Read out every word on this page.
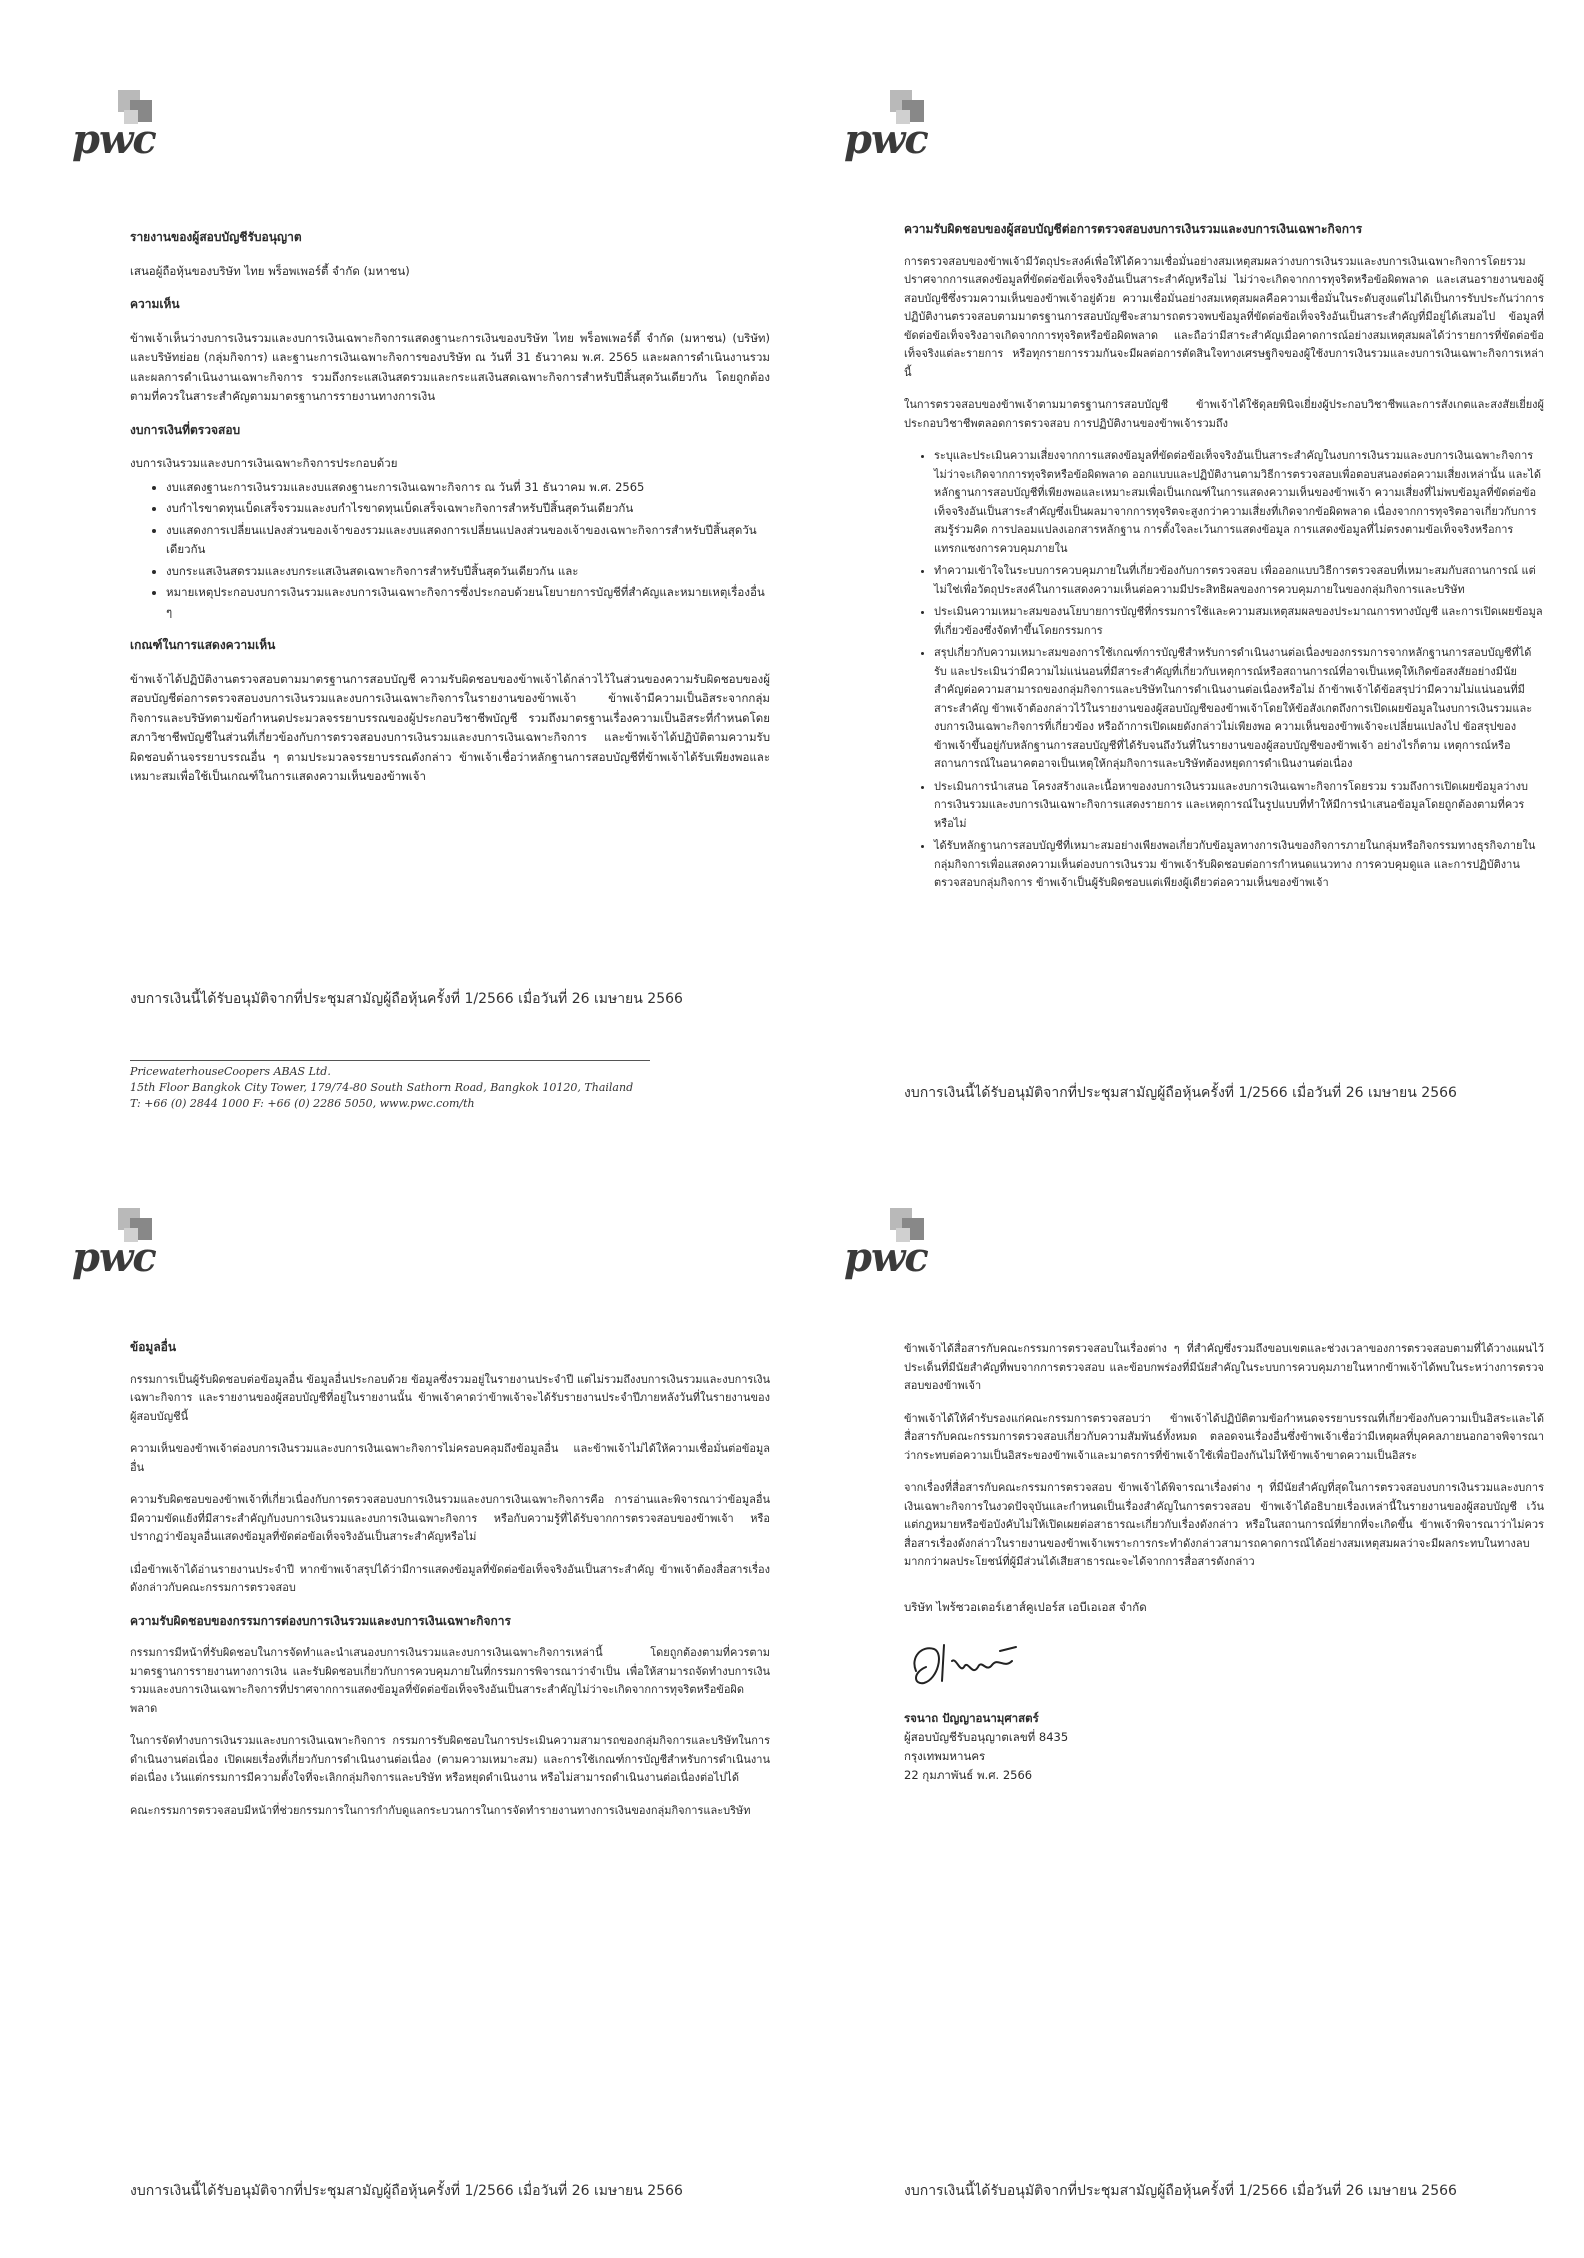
pwc
รายงานของผู้สอบบัญชีรับอนุญาต
เสนอผู้ถือหุ้นของบริษัท ไทย พร็อพเพอร์ตี้ จำกัด (มหาชน)
ความเห็น
ข้าพเจ้าเห็นว่างบการเงินรวมและงบการเงินเฉพาะกิจการแสดงฐานะการเงินของบริษัท ไทย พร็อพเพอร์ตี้ จำกัด (มหาชน) (บริษัท) และบริษัทย่อย (กลุ่มกิจการ) และฐานะการเงินเฉพาะกิจการของบริษัท ณ วันที่ 31 ธันวาคม พ.ศ. 2565 และผลการดำเนินงานรวมและผลการดำเนินงานเฉพาะกิจการ รวมถึงกระแสเงินสดรวมและกระแสเงินสดเฉพาะกิจการสำหรับปีสิ้นสุดวันเดียวกัน โดยถูกต้องตามที่ควรในสาระสำคัญตามมาตรฐานการรายงานทางการเงิน
งบการเงินที่ตรวจสอบ
งบการเงินรวมและงบการเงินเฉพาะกิจการประกอบด้วย
• งบแสดงฐานะการเงินรวมและงบแสดงฐานะการเงินเฉพาะกิจการ ณ วันที่ 31 ธันวาคม พ.ศ. 2565
• งบกำไรขาดทุนเบ็ดเสร็จรวมและงบกำไรขาดทุนเบ็ดเสร็จเฉพาะกิจการสำหรับปีสิ้นสุดวันเดียวกัน
• งบแสดงการเปลี่ยนแปลงส่วนของเจ้าของรวมและงบแสดงการเปลี่ยนแปลงส่วนของเจ้าของเฉพาะกิจการสำหรับปีสิ้นสุดวันเดียวกัน
• งบกระแสเงินสดรวมและงบกระแสเงินสดเฉพาะกิจการสำหรับปีสิ้นสุดวันเดียวกัน และ
• หมายเหตุประกอบงบการเงินรวมและงบการเงินเฉพาะกิจการซึ่งประกอบด้วยนโยบายการบัญชีที่สำคัญและหมายเหตุเรื่องอื่น ๆ
เกณฑ์ในการแสดงความเห็น
ข้าพเจ้าได้ปฏิบัติงานตรวจสอบตามมาตรฐานการสอบบัญชี ความรับผิดชอบของข้าพเจ้าได้กล่าวไว้ในส่วนของความรับผิดชอบของผู้สอบบัญชีต่อการตรวจสอบงบการเงินรวมและงบการเงินเฉพาะกิจการในรายงานของข้าพเจ้า ข้าพเจ้ามีความเป็นอิสระจากกลุ่มกิจการและบริษัทตามข้อกำหนดประมวลจรรยาบรรณของผู้ประกอบวิชาชีพบัญชี รวมถึงมาตรฐานเรื่องความเป็นอิสระที่กำหนดโดยสภาวิชาชีพบัญชีในส่วนที่เกี่ยวข้องกับการตรวจสอบงบการเงินรวมและงบการเงินเฉพาะกิจการ และข้าพเจ้าได้ปฏิบัติตามความรับผิดชอบด้านจรรยาบรรณอื่น ๆ ตามประมวลจรรยาบรรณดังกล่าว ข้าพเจ้าเชื่อว่าหลักฐานการสอบบัญชีที่ข้าพเจ้าได้รับเพียงพอและเหมาะสมเพื่อใช้เป็นเกณฑ์ในการแสดงความเห็นของข้าพเจ้า
งบการเงินนี้ได้รับอนุมัติจากที่ประชุมสามัญผู้ถือหุ้นครั้งที่ 1/2566 เมื่อวันที่ 26 เมษายน 2566
PricewaterhouseCoopers ABAS Ltd.
15th Floor Bangkok City Tower, 179/74-80 South Sathorn Road, Bangkok 10120, Thailand
T: +66 (0) 2844 1000 F: +66 (0) 2286 5050, www.pwc.com/th
pwc
ความรับผิดชอบของผู้สอบบัญชีต่อการตรวจสอบงบการเงินรวมและงบการเงินเฉพาะกิจการ
การตรวจสอบของข้าพเจ้ามีวัตถุประสงค์เพื่อให้ได้ความเชื่อมั่นอย่างสมเหตุสมผลว่างบการเงินรวมและงบการเงินเฉพาะกิจการโดยรวมปราศจากการแสดงข้อมูลที่ขัดต่อข้อเท็จจริงอันเป็นสาระสำคัญหรือไม่ ไม่ว่าจะเกิดจากการทุจริตหรือข้อผิดพลาด และเสนอรายงานของผู้สอบบัญชีซึ่งรวมความเห็นของข้าพเจ้าอยู่ด้วย ความเชื่อมั่นอย่างสมเหตุสมผลคือความเชื่อมั่นในระดับสูงแต่ไม่ได้เป็นการรับประกันว่าการปฏิบัติงานตรวจสอบตามมาตรฐานการสอบบัญชีจะสามารถตรวจพบข้อมูลที่ขัดต่อข้อเท็จจริงอันเป็นสาระสำคัญที่มีอยู่ได้เสมอไป ข้อมูลที่ขัดต่อข้อเท็จจริงอาจเกิดจากการทุจริตหรือข้อผิดพลาด และถือว่ามีสาระสำคัญเมื่อคาดการณ์อย่างสมเหตุสมผลได้ว่ารายการที่ขัดต่อข้อเท็จจริงแต่ละรายการ หรือทุกรายการรวมกันจะมีผลต่อการตัดสินใจทางเศรษฐกิจของผู้ใช้งบการเงินรวมและงบการเงินเฉพาะกิจการเหล่านี้
ในการตรวจสอบของข้าพเจ้าตามมาตรฐานการสอบบัญชี ข้าพเจ้าได้ใช้ดุลยพินิจเยี่ยงผู้ประกอบวิชาชีพและการสังเกตและสงสัยเยี่ยงผู้ประกอบวิชาชีพตลอดการตรวจสอบ การปฏิบัติงานของข้าพเจ้ารวมถึง
• ระบุและประเมินความเสี่ยงจากการแสดงข้อมูลที่ขัดต่อข้อเท็จจริงอันเป็นสาระสำคัญในงบการเงินรวมและงบการเงินเฉพาะกิจการไม่ว่าจะเกิดจากการทุจริตหรือข้อผิดพลาด ออกแบบและปฏิบัติงานตามวิธีการตรวจสอบเพื่อตอบสนองต่อความเสี่ยงเหล่านั้น และได้หลักฐานการสอบบัญชีที่เพียงพอและเหมาะสมเพื่อเป็นเกณฑ์ในการแสดงความเห็นของข้าพเจ้า ความเสี่ยงที่ไม่พบข้อมูลที่ขัดต่อข้อเท็จจริงอันเป็นสาระสำคัญซึ่งเป็นผลมาจากการทุจริตจะสูงกว่าความเสี่ยงที่เกิดจากข้อผิดพลาด เนื่องจากการทุจริตอาจเกี่ยวกับการสมรู้ร่วมคิด การปลอมแปลงเอกสารหลักฐาน การตั้งใจละเว้นการแสดงข้อมูล การแสดงข้อมูลที่ไม่ตรงตามข้อเท็จจริงหรือการแทรกแซงการควบคุมภายใน
• ทำความเข้าใจในระบบการควบคุมภายในที่เกี่ยวข้องกับการตรวจสอบ เพื่อออกแบบวิธีการตรวจสอบที่เหมาะสมกับสถานการณ์ แต่ไม่ใช่เพื่อวัตถุประสงค์ในการแสดงความเห็นต่อความมีประสิทธิผลของการควบคุมภายในของกลุ่มกิจการและบริษัท
• ประเมินความเหมาะสมของนโยบายการบัญชีที่กรรมการใช้และความสมเหตุสมผลของประมาณการทางบัญชี และการเปิดเผยข้อมูลที่เกี่ยวข้องซึ่งจัดทำขึ้นโดยกรรมการ
• สรุปเกี่ยวกับความเหมาะสมของการใช้เกณฑ์การบัญชีสำหรับการดำเนินงานต่อเนื่องของกรรมการจากหลักฐานการสอบบัญชีที่ได้รับ และประเมินว่ามีความไม่แน่นอนที่มีสาระสำคัญที่เกี่ยวกับเหตุการณ์หรือสถานการณ์ที่อาจเป็นเหตุให้เกิดข้อสงสัยอย่างมีนัยสำคัญต่อความสามารถของกลุ่มกิจการและบริษัทในการดำเนินงานต่อเนื่องหรือไม่ ถ้าข้าพเจ้าได้ข้อสรุปว่ามีความไม่แน่นอนที่มีสาระสำคัญ ข้าพเจ้าต้องกล่าวไว้ในรายงานของผู้สอบบัญชีของข้าพเจ้าโดยให้ข้อสังเกตถึงการเปิดเผยข้อมูลในงบการเงินรวมและงบการเงินเฉพาะกิจการที่เกี่ยวข้อง หรือถ้าการเปิดเผยดังกล่าวไม่เพียงพอ ความเห็นของข้าพเจ้าจะเปลี่ยนแปลงไป ข้อสรุปของข้าพเจ้าขึ้นอยู่กับหลักฐานการสอบบัญชีที่ได้รับจนถึงวันที่ในรายงานของผู้สอบบัญชีของข้าพเจ้า อย่างไรก็ตาม เหตุการณ์หรือสถานการณ์ในอนาคตอาจเป็นเหตุให้กลุ่มกิจการและบริษัทต้องหยุดการดำเนินงานต่อเนื่อง
• ประเมินการนำเสนอ โครงสร้างและเนื้อหาของงบการเงินรวมและงบการเงินเฉพาะกิจการโดยรวม รวมถึงการเปิดเผยข้อมูลว่างบการเงินรวมและงบการเงินเฉพาะกิจการแสดงรายการ และเหตุการณ์ในรูปแบบที่ทำให้มีการนำเสนอข้อมูลโดยถูกต้องตามที่ควรหรือไม่
• ได้รับหลักฐานการสอบบัญชีที่เหมาะสมอย่างเพียงพอเกี่ยวกับข้อมูลทางการเงินของกิจการภายในกลุ่มหรือกิจกรรมทางธุรกิจภายในกลุ่มกิจการเพื่อแสดงความเห็นต่องบการเงินรวม ข้าพเจ้ารับผิดชอบต่อการกำหนดแนวทาง การควบคุมดูแล และการปฏิบัติงานตรวจสอบกลุ่มกิจการ ข้าพเจ้าเป็นผู้รับผิดชอบแต่เพียงผู้เดียวต่อความเห็นของข้าพเจ้า
งบการเงินนี้ได้รับอนุมัติจากที่ประชุมสามัญผู้ถือหุ้นครั้งที่ 1/2566 เมื่อวันที่ 26 เมษายน 2566
pwc
ข้อมูลอื่น
กรรมการเป็นผู้รับผิดชอบต่อข้อมูลอื่น ข้อมูลอื่นประกอบด้วย ข้อมูลซึ่งรวมอยู่ในรายงานประจำปี แต่ไม่รวมถึงงบการเงินรวมและงบการเงินเฉพาะกิจการ และรายงานของผู้สอบบัญชีที่อยู่ในรายงานนั้น ข้าพเจ้าคาดว่าข้าพเจ้าจะได้รับรายงานประจำปีภายหลังวันที่ในรายงานของผู้สอบบัญชีนี้
ความเห็นของข้าพเจ้าต่องบการเงินรวมและงบการเงินเฉพาะกิจการไม่ครอบคลุมถึงข้อมูลอื่น และข้าพเจ้าไม่ได้ให้ความเชื่อมั่นต่อข้อมูลอื่น
ความรับผิดชอบของข้าพเจ้าที่เกี่ยวเนื่องกับการตรวจสอบงบการเงินรวมและงบการเงินเฉพาะกิจการคือ การอ่านและพิจารณาว่าข้อมูลอื่นมีความขัดแย้งที่มีสาระสำคัญกับงบการเงินรวมและงบการเงินเฉพาะกิจการ หรือกับความรู้ที่ได้รับจากการตรวจสอบของข้าพเจ้า หรือปรากฏว่าข้อมูลอื่นแสดงข้อมูลที่ขัดต่อข้อเท็จจริงอันเป็นสาระสำคัญหรือไม่
เมื่อข้าพเจ้าได้อ่านรายงานประจำปี หากข้าพเจ้าสรุปได้ว่ามีการแสดงข้อมูลที่ขัดต่อข้อเท็จจริงอันเป็นสาระสำคัญ ข้าพเจ้าต้องสื่อสารเรื่องดังกล่าวกับคณะกรรมการตรวจสอบ
ความรับผิดชอบของกรรมการต่องบการเงินรวมและงบการเงินเฉพาะกิจการ
กรรมการมีหน้าที่รับผิดชอบในการจัดทำและนำเสนองบการเงินรวมและงบการเงินเฉพาะกิจการเหล่านี้ โดยถูกต้องตามที่ควรตามมาตรฐานการรายงานทางการเงิน และรับผิดชอบเกี่ยวกับการควบคุมภายในที่กรรมการพิจารณาว่าจำเป็น เพื่อให้สามารถจัดทำงบการเงินรวมและงบการเงินเฉพาะกิจการที่ปราศจากการแสดงข้อมูลที่ขัดต่อข้อเท็จจริงอันเป็นสาระสำคัญไม่ว่าจะเกิดจากการทุจริตหรือข้อผิดพลาด
ในการจัดทำงบการเงินรวมและงบการเงินเฉพาะกิจการ กรรมการรับผิดชอบในการประเมินความสามารถของกลุ่มกิจการและบริษัทในการดำเนินงานต่อเนื่อง เปิดเผยเรื่องที่เกี่ยวกับการดำเนินงานต่อเนื่อง (ตามความเหมาะสม) และการใช้เกณฑ์การบัญชีสำหรับการดำเนินงานต่อเนื่อง เว้นแต่กรรมการมีความตั้งใจที่จะเลิกกลุ่มกิจการและบริษัท หรือหยุดดำเนินงาน หรือไม่สามารถดำเนินงานต่อเนื่องต่อไปได้
คณะกรรมการตรวจสอบมีหน้าที่ช่วยกรรมการในการกำกับดูแลกระบวนการในการจัดทำรายงานทางการเงินของกลุ่มกิจการและบริษัท
งบการเงินนี้ได้รับอนุมัติจากที่ประชุมสามัญผู้ถือหุ้นครั้งที่ 1/2566 เมื่อวันที่ 26 เมษายน 2566
pwc
ข้าพเจ้าได้สื่อสารกับคณะกรรมการตรวจสอบในเรื่องต่าง ๆ ที่สำคัญซึ่งรวมถึงขอบเขตและช่วงเวลาของการตรวจสอบตามที่ได้วางแผนไว้ ประเด็นที่มีนัยสำคัญที่พบจากการตรวจสอบ และข้อบกพร่องที่มีนัยสำคัญในระบบการควบคุมภายในหากข้าพเจ้าได้พบในระหว่างการตรวจสอบของข้าพเจ้า
ข้าพเจ้าได้ให้คำรับรองแก่คณะกรรมการตรวจสอบว่า ข้าพเจ้าได้ปฏิบัติตามข้อกำหนดจรรยาบรรณที่เกี่ยวข้องกับความเป็นอิสระและได้สื่อสารกับคณะกรรมการตรวจสอบเกี่ยวกับความสัมพันธ์ทั้งหมด ตลอดจนเรื่องอื่นซึ่งข้าพเจ้าเชื่อว่ามีเหตุผลที่บุคคลภายนอกอาจพิจารณาว่ากระทบต่อความเป็นอิสระของข้าพเจ้าและมาตรการที่ข้าพเจ้าใช้เพื่อป้องกันไม่ให้ข้าพเจ้าขาดความเป็นอิสระ
จากเรื่องที่สื่อสารกับคณะกรรมการตรวจสอบ ข้าพเจ้าได้พิจารณาเรื่องต่าง ๆ ที่มีนัยสำคัญที่สุดในการตรวจสอบงบการเงินรวมและงบการเงินเฉพาะกิจการในงวดปัจจุบันและกำหนดเป็นเรื่องสำคัญในการตรวจสอบ ข้าพเจ้าได้อธิบายเรื่องเหล่านี้ในรายงานของผู้สอบบัญชี เว้นแต่กฎหมายหรือข้อบังคับไม่ให้เปิดเผยต่อสาธารณะเกี่ยวกับเรื่องดังกล่าว หรือในสถานการณ์ที่ยากที่จะเกิดขึ้น ข้าพเจ้าพิจารณาว่าไม่ควรสื่อสารเรื่องดังกล่าวในรายงานของข้าพเจ้าเพราะการกระทำดังกล่าวสามารถคาดการณ์ได้อย่างสมเหตุสมผลว่าจะมีผลกระทบในทางลบมากกว่าผลประโยชน์ที่ผู้มีส่วนได้เสียสาธารณะจะได้จากการสื่อสารดังกล่าว
บริษัท ไพร้ซวอเตอร์เฮาส์คูเปอร์ส เอบีเอเอส จำกัด
รจนาถ ปัญญาอนามุศาสตร์
ผู้สอบบัญชีรับอนุญาตเลขที่ 8435
กรุงเทพมหานคร
22 กุมภาพันธ์ พ.ศ. 2566
งบการเงินนี้ได้รับอนุมัติจากที่ประชุมสามัญผู้ถือหุ้นครั้งที่ 1/2566 เมื่อวันที่ 26 เมษายน 2566
